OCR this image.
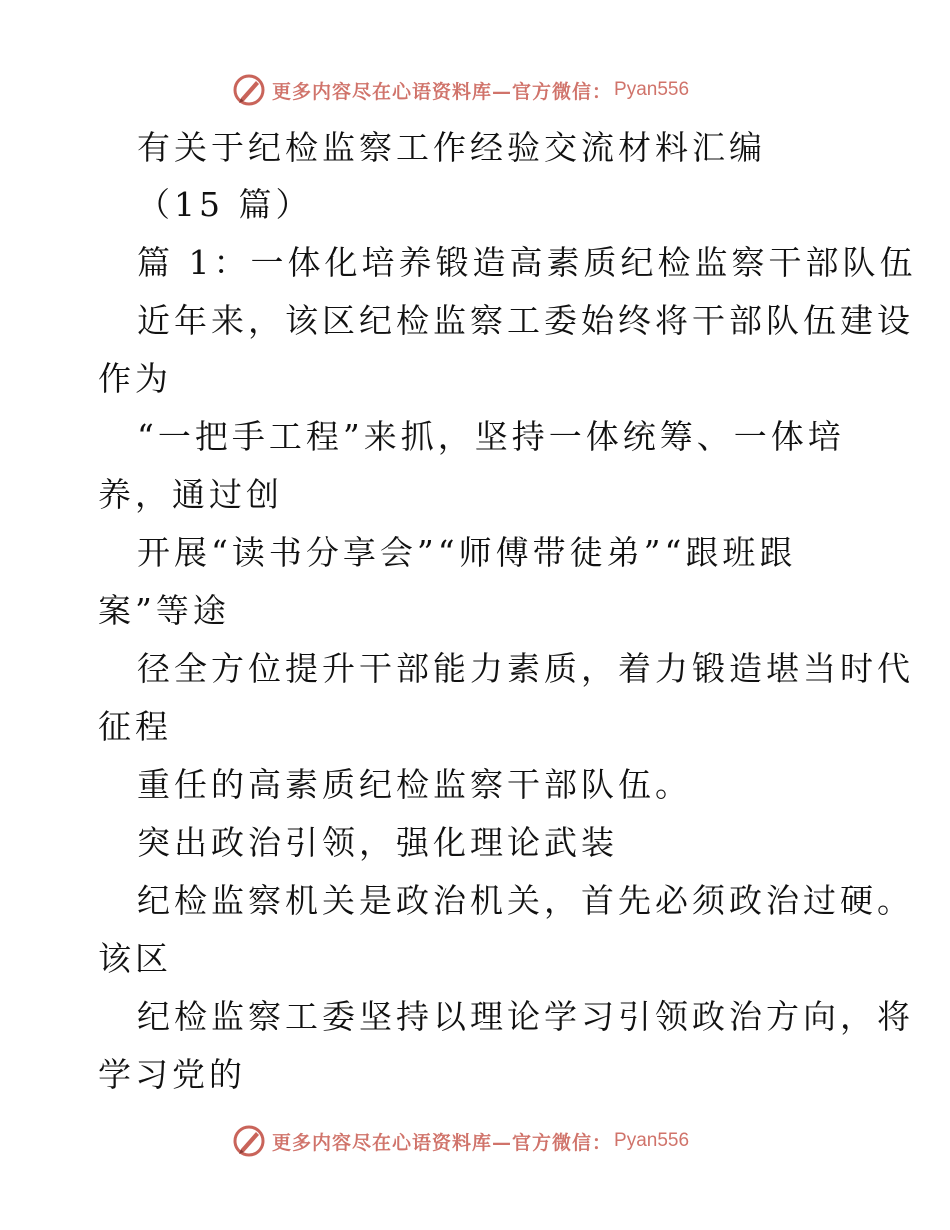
更多内容尽在心语资料库—官方微信： Pyan556
有关于纪检监察工作经验交流材料汇编
（15 篇）
篇 1：一体化培养锻造高素质纪检监察干部队伍
近年来，该区纪检监察工委始终将干部队伍建设
作为
“一把手工程”来抓，坚持一体统筹、一体培
养，通过创
开展“读书分享会”“师傅带徒弟”“跟班跟
案”等途
径全方位提升干部能力素质，着力锻造堪当时代
征程
重任的高素质纪检监察干部队伍。
突出政治引领，强化理论武装
纪检监察机关是政治机关，首先必须政治过硬。
该区
纪检监察工委坚持以理论学习引领政治方向，将
学习党的
更多内容尽在心语资料库—官方微信： Pyan556
